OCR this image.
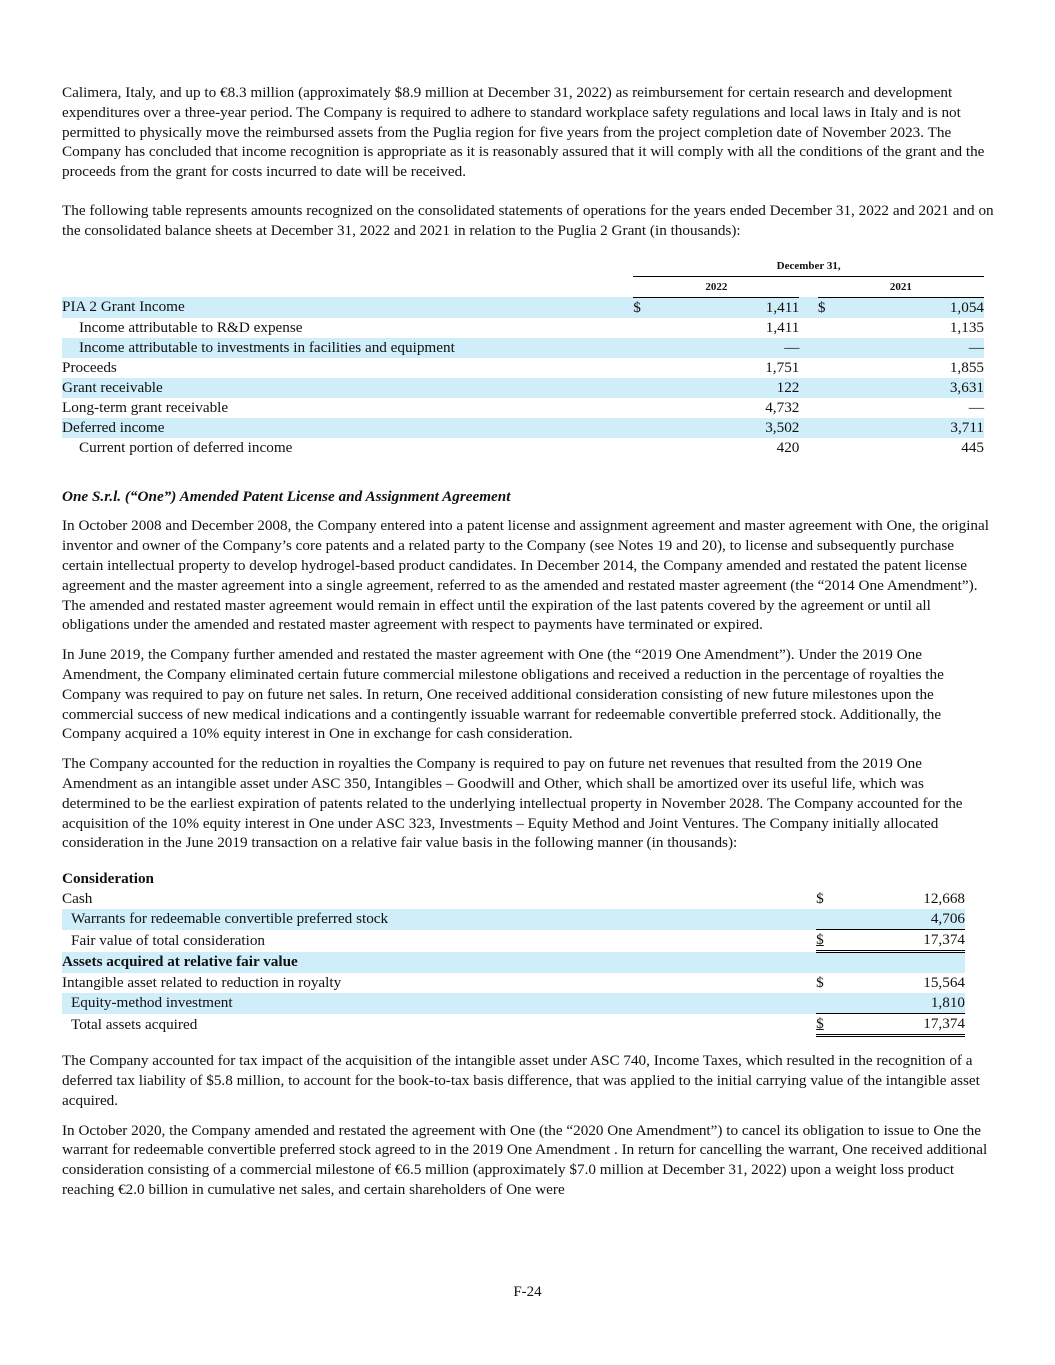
Calimera, Italy, and up to €8.3 million (approximately $8.9 million at December 31, 2022) as reimbursement for certain research and development expenditures over a three-year period. The Company is required to adhere to standard workplace safety regulations and local laws in Italy and is not permitted to physically move the reimbursed assets from the Puglia region for five years from the project completion date of November 2023. The Company has concluded that income recognition is appropriate as it is reasonably assured that it will comply with all the conditions of the grant and the proceeds from the grant for costs incurred to date will be received.

The following table represents amounts recognized on the consolidated statements of operations for the years ended December 31, 2022 and 2021 and on the consolidated balance sheets at December 31, 2022 and 2021 in relation to the Puglia 2 Grant (in thousands):

	December 31,				
	2022			2021	
PIA 2 Grant Income	$	1,411		$	1,054
Income attributable to R&D expense		1,411			1,135
Income attributable to investments in facilities and equipment		—			—
Proceeds		1,751			1,855
Grant receivable		122			3,631
Long-term grant receivable		4,732			—
Deferred income		3,502			3,711
Current portion of deferred income		420			445

One S.r.l. (“One”) Amended Patent License and Assignment Agreement

In October 2008 and December 2008, the Company entered into a patent license and assignment agreement and master agreement with One, the original inventor and owner of the Company’s core patents and a related party to the Company (see Notes 19 and 20), to license and subsequently purchase certain intellectual property to develop hydrogel-based product candidates. In December 2014, the Company amended and restated the patent license agreement and the master agreement into a single agreement, referred to as the amended and restated master agreement (the “2014 One Amendment”). The amended and restated master agreement would remain in effect until the expiration of the last patents covered by the agreement or until all obligations under the amended and restated master agreement with respect to payments have terminated or expired.

In June 2019, the Company further amended and restated the master agreement with One (the “2019 One Amendment”). Under the 2019 One Amendment, the Company eliminated certain future commercial milestone obligations and received a reduction in the percentage of royalties the Company was required to pay on future net sales. In return, One received additional consideration consisting of new future milestones upon the commercial success of new medical indications and a contingently issuable warrant for redeemable convertible preferred stock. Additionally, the Company acquired a 10% equity interest in One in exchange for cash consideration.

The Company accounted for the reduction in royalties the Company is required to pay on future net revenues that resulted from the 2019 One Amendment as an intangible asset under ASC 350, Intangibles – Goodwill and Other, which shall be amortized over its useful life, which was determined to be the earliest expiration of patents related to the underlying intellectual property in November 2028. The Company accounted for the acquisition of the 10% equity interest in One under ASC 323, Investments – Equity Method and Joint Ventures. The Company initially allocated consideration in the June 2019 transaction on a relative fair value basis in the following manner (in thousands):

Consideration		
Cash	$	12,668
Warrants for redeemable convertible preferred stock		4,706
Fair value of total consideration	$	17,374
Assets acquired at relative fair value		
Intangible asset related to reduction in royalty	$	15,564
Equity-method investment		1,810
Total assets acquired	$	17,374

The Company accounted for tax impact of the acquisition of the intangible asset under ASC 740, Income Taxes, which resulted in the recognition of a deferred tax liability of $5.8 million, to account for the book-to-tax basis difference, that was applied to the initial carrying value of the intangible asset acquired.

In October 2020, the Company amended and restated the agreement with One (the “2020 One Amendment”) to cancel its obligation to issue to One the warrant for redeemable convertible preferred stock agreed to in the 2019 One Amendment . In return for cancelling the warrant, One received additional consideration consisting of a commercial milestone of €6.5 million (approximately $7.0 million at December 31, 2022) upon a weight loss product reaching €2.0 billion in cumulative net sales, and certain shareholders of One were

F-24
